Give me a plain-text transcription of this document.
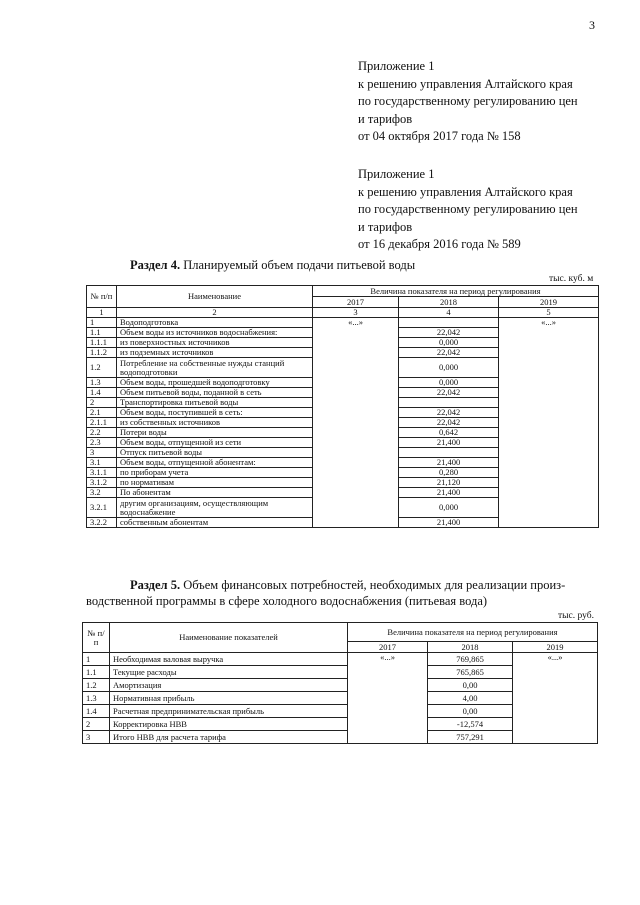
3
Приложение 1
к решению управления Алтайского края
по государственному регулированию цен
и тарифов
от 04 октября 2017 года № 158
Приложение 1
к решению управления Алтайского края
по государственному регулированию цен
и тарифов
от 16 декабря 2016 года № 589
Раздел 4. Планируемый объем подачи питьевой воды
тыс. куб. м
№ п/п	Наименование	Величина показателя на период регулирования		
		2017	2018	2019
1	2	3	4	5
1	Водоподготовка	«...»		«...»
1.1	Объем воды из источников водоснабжения:		22,042	
1.1.1	из поверхностных источников		0,000	
1.1.2	из подземных источников		22,042	
1.2	Потребление на собственные нужды станций водоподготовки		0,000	
1.3	Объем воды, прошедшей водоподготовку		0,000	
1.4	Объем питьевой воды, поданной в сеть		22,042	
2	Транспортировка питьевой воды			
2.1	Объем воды, поступившей в сеть:		22,042	
2.1.1	из собственных источников		22,042	
2.2	Потери воды		0,642	
2.3	Объем воды, отпущенной из сети		21,400	
3	Отпуск питьевой воды			
3.1	Объем воды, отпущенной абонентам:		21,400	
3.1.1	по приборам учета		0,280	
3.1.2	по нормативам		21,120	
3.2	По абонентам		21,400	
3.2.1	другим организациям, осуществляющим водоснабжение		0,000	
3.2.2	собственным абонентам		21,400	
Раздел 5. Объем финансовых потребностей, необходимых для реализации произ-
водственной программы в сфере холодного водоснабжения (питьевая вода)
тыс. руб.
№ п/п	Наименование показателей	Величина показателя на период регулирования		
		2017	2018	2019
1	Необходимая валовая выручка	«...»	769,865	«...»
1.1	Текущие расходы		765,865	
1.2	Амортизация		0,00	
1.3	Нормативная прибыль		4,00	
1.4	Расчетная предпринимательская прибыль		0,00	
2	Корректировка НВВ		-12,574	
3	Итого НВВ для расчета тарифа		757,291	
